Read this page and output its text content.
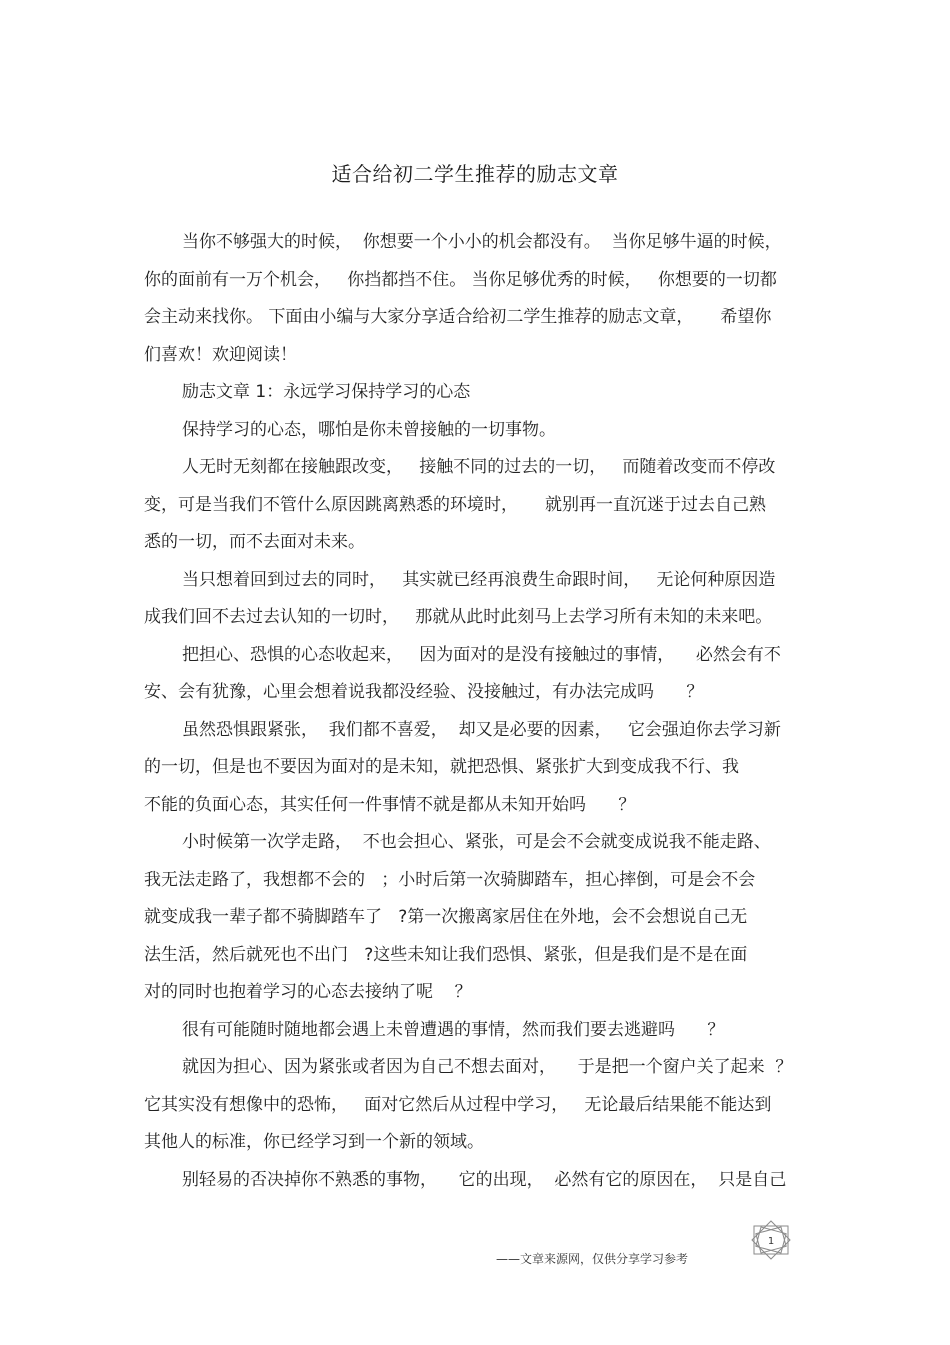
适合给初二学生推荐的励志文章
当你不够强大的时候，  你想要一个小小的机会都没有。  当你足够牛逼的时候，
你的面前有一万个机会，   你挡都挡不住。 当你足够优秀的时候，   你想要的一切都
会主动来找你。 下面由小编与大家分享适合给初二学生推荐的励志文章，     希望你
们喜欢！欢迎阅读！
励志文章 1：永远学习保持学习的心态
保持学习的心态，哪怕是你未曾接触的一切事物。
人无时无刻都在接触跟改变，   接触不同的过去的一切，   而随着改变而不停改
变，可是当我们不管什么原因跳离熟悉的环境时，     就别再一直沉迷于过去自己熟
悉的一切，而不去面对未来。
当只想着回到过去的同时，   其实就已经再浪费生命跟时间，   无论何种原因造
成我们回不去过去认知的一切时，   那就从此时此刻马上去学习所有未知的未来吧。
把担心、恐惧的心态收起来，   因为面对的是没有接触过的事情，    必然会有不
安、会有犹豫，心里会想着说我都没经验、没接触过，有办法完成吗      ？
虽然恐惧跟紧张，  我们都不喜爱，  却又是必要的因素，   它会强迫你去学习新
的一切，但是也不要因为面对的是未知，就把恐惧、紧张扩大到变成我不行、我
不能的负面心态，其实任何一件事情不就是都从未知开始吗      ？
小时候第一次学走路，  不也会担心、紧张，可是会不会就变成说我不能走路、
我无法走路了，我想都不会的   ；小时后第一次骑脚踏车，担心摔倒，可是会不会
就变成我一辈子都不骑脚踏车了   ?第一次搬离家居住在外地，会不会想说自己无
法生活，然后就死也不出门   ?这些未知让我们恐惧、紧张，但是我们是不是在面
对的同时也抱着学习的心态去接纳了呢    ？
很有可能随时随地都会遇上未曾遭遇的事情，然而我们要去逃避吗      ？
就因为担心、因为紧张或者因为自己不想去面对，    于是把一个窗户关了起来  ？
它其实没有想像中的恐怖，   面对它然后从过程中学习，   无论最后结果能不能达到
其他人的标准，你已经学习到一个新的领域。
别轻易的否决掉你不熟悉的事物，    它的出现，  必然有它的原因在，  只是自己
1
——文章来源网，仅供分享学习参考
